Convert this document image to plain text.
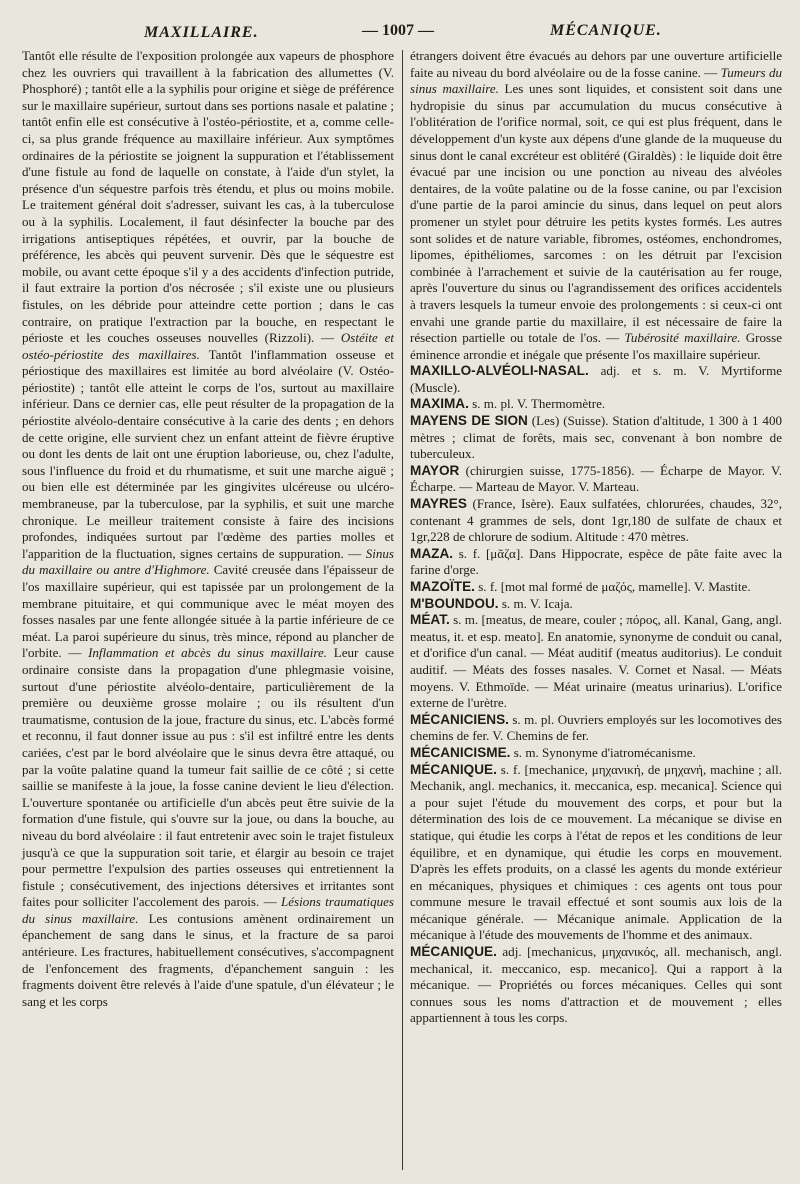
MAXILLAIRE.	— 1007 —	MÉCANIQUE.

Tantôt elle résulte de l'exposition prolongée aux vapeurs de phosphore chez les ouvriers qui travaillent à la fabrication des allumettes (V. Phosphoré) ; tantôt elle a la syphilis pour origine et siège de préférence sur le maxillaire supérieur, surtout dans ses portions nasale et palatine ; tantôt enfin elle est consécutive à l'ostéo-périostite, et a, comme celle-ci, sa plus grande fréquence au maxillaire inférieur. Aux symptômes ordinaires de la périostite se joignent la suppuration et l'établissement d'une fistule au fond de laquelle on constate, à l'aide d'un stylet, la présence d'un séquestre parfois très étendu, et plus ou moins mobile. Le traitement général doit s'adresser, suivant les cas, à la tuberculose ou à la syphilis. Localement, il faut désinfecter la bouche par des irrigations antiseptiques répétées, et ouvrir, par la bouche de préférence, les abcès qui peuvent survenir. Dès que le séquestre est mobile, ou avant cette époque s'il y a des accidents d'infection putride, il faut extraire la portion d'os nécrosée ; s'il existe une ou plusieurs fistules, on les débride pour atteindre cette portion ; dans le cas contraire, on pratique l'extraction par la bouche, en respectant le périoste et les couches osseuses nouvelles (Rizzoli). — Ostéite et ostéo-périostite des maxillaires. Tantôt l'inflammation osseuse et périostique des maxillaires est limitée au bord alvéolaire (V. Ostéo-périostite) ; tantôt elle atteint le corps de l'os, surtout au maxillaire inférieur. Dans ce dernier cas, elle peut résulter de la propagation de la périostite alvéolo-dentaire consécutive à la carie des dents ; en dehors de cette origine, elle survient chez un enfant atteint de fièvre éruptive ou dont les dents de lait ont une éruption laborieuse, ou, chez l'adulte, sous l'influence du froid et du rhumatisme, et suit une marche aiguë ; ou bien elle est déterminée par les gingivites ulcéreuse ou ulcéro-membraneuse, par la tuberculose, par la syphilis, et suit une marche chronique. Le meilleur traitement consiste à faire des incisions profondes, indiquées surtout par l'œdème des parties molles et l'apparition de la fluctuation, signes certains de suppuration. — Sinus du maxillaire ou antre d'Highmore. Cavité creusée dans l'épaisseur de l'os maxillaire supérieur, qui est tapissée par un prolongement de la membrane pituitaire, et qui communique avec le méat moyen des fosses nasales par une fente allongée située à la partie inférieure de ce méat. La paroi supérieure du sinus, très mince, répond au plancher de l'orbite. — Inflammation et abcès du sinus maxillaire. Leur cause ordinaire consiste dans la propagation d'une phlegmasie voisine, surtout d'une périostite alvéolo-dentaire, particulièrement de la première ou deuxième grosse molaire ; ou ils résultent d'un traumatisme, contusion de la joue, fracture du sinus, etc. L'abcès formé et reconnu, il faut donner issue au pus : s'il est infiltré entre les dents cariées, c'est par le bord alvéolaire que le sinus devra être attaqué, ou par la voûte palatine quand la tumeur fait saillie de ce côté ; si cette saillie se manifeste à la joue, la fosse canine devient le lieu d'élection. L'ouverture spontanée ou artificielle d'un abcès peut être suivie de la formation d'une fistule, qui s'ouvre sur la joue, ou dans la bouche, au niveau du bord alvéolaire : il faut entretenir avec soin le trajet fistuleux jusqu'à ce que la suppuration soit tarie, et élargir au besoin ce trajet pour permettre l'expulsion des parties osseuses qui entretiennent la fistule ; consécutivement, des injections détersives et irritantes sont faites pour solliciter l'accolement des parois. — Lésions traumatiques du sinus maxillaire. Les contusions amènent ordinairement un épanchement de sang dans le sinus, et la fracture de sa paroi antérieure. Les fractures, habituellement consécutives, s'accompagnent de l'enfoncement des fragments, d'épanchement sanguin : les fragments doivent être relevés à l'aide d'une spatule, d'un élévateur ; le sang et les corps

étrangers doivent être évacués au dehors par une ouverture artificielle faite au niveau du bord alvéolaire ou de la fosse canine. — Tumeurs du sinus maxillaire. Les unes sont liquides, et consistent soit dans une hydropisie du sinus par accumulation du mucus consécutive à l'oblitération de l'orifice normal, soit, ce qui est plus fréquent, dans le développement d'un kyste aux dépens d'une glande de la muqueuse du sinus dont le canal excréteur est oblitéré (Giraldès) : le liquide doit être évacué par une incision ou une ponction au niveau des alvéoles dentaires, de la voûte palatine ou de la fosse canine, ou par l'excision d'une partie de la paroi amincie du sinus, dans lequel on peut alors promener un stylet pour détruire les petits kystes formés. Les autres sont solides et de nature variable, fibromes, ostéomes, enchondromes, lipomes, épithéliomes, sarcomes : on les détruit par l'excision combinée à l'arrachement et suivie de la cautérisation au fer rouge, après l'ouverture du sinus ou l'agrandissement des orifices accidentels à travers lesquels la tumeur envoie des prolongements : si ceux-ci ont envahi une grande partie du maxillaire, il est nécessaire de faire la résection partielle ou totale de l'os. — Tubérosité maxillaire. Grosse éminence arrondie et inégale que présente l'os maxillaire supérieur.

MAXILLO-ALVÉOLI-NASAL. adj. et s. m. V. Myrtiforme (Muscle).

MAXIMA. s. m. pl. V. Thermomètre.

MAYENS DE SION (Les) (Suisse). Station d'altitude, 1 300 à 1 400 mètres ; climat de forêts, mais sec, convenant à bon nombre de tuberculeux.

MAYOR (chirurgien suisse, 1775-1856). — Écharpe de Mayor. V. Écharpe. — Marteau de Mayor. V. Marteau.

MAYRES (France, Isère). Eaux sulfatées, chlorurées, chaudes, 32°, contenant 4 grammes de sels, dont 1gr,180 de sulfate de chaux et 1gr,228 de chlorure de sodium. Altitude : 470 mètres.

MAZA. s. f. [μᾶζα]. Dans Hippocrate, espèce de pâte faite avec la farine d'orge.

MAZOÏTE. s. f. [mot mal formé de μαζός, mamelle]. V. Mastite.

M'BOUNDOU. s. m. V. Icaja.

MÉAT. s. m. [meatus, de meare, couler ; πόρος, all. Kanal, Gang, angl. meatus, it. et esp. meato]. En anatomie, synonyme de conduit ou canal, et d'orifice d'un canal. — Méat auditif (meatus auditorius). Le conduit auditif. — Méats des fosses nasales. V. Cornet et Nasal. — Méats moyens. V. Ethmoïde. — Méat urinaire (meatus urinarius). L'orifice externe de l'urètre.

MÉCANICIENS. s. m. pl. Ouvriers employés sur les locomotives des chemins de fer. V. Chemins de fer.

MÉCANICISME. s. m. Synonyme d'iatromécanisme.

MÉCANIQUE. s. f. [mechanice, μηχανική, de μηχανή, machine ; all. Mechanik, angl. mechanics, it. meccanica, esp. mecanica]. Science qui a pour sujet l'étude du mouvement des corps, et pour but la détermination des lois de ce mouvement. La mécanique se divise en statique, qui étudie les corps à l'état de repos et les conditions de leur équilibre, et en dynamique, qui étudie les corps en mouvement. D'après les effets produits, on a classé les agents du monde extérieur en mécaniques, physiques et chimiques : ces agents ont tous pour commune mesure le travail effectué et sont soumis aux lois de la mécanique générale. — Mécanique animale. Application de la mécanique à l'étude des mouvements de l'homme et des animaux.

MÉCANIQUE. adj. [mechanicus, μηχανικός, all. mechanisch, angl. mechanical, it. meccanico, esp. mecanico]. Qui a rapport à la mécanique. — Propriétés ou forces mécaniques. Celles qui sont connues sous les noms d'attraction et de mouvement ; elles appartiennent à tous les corps.
